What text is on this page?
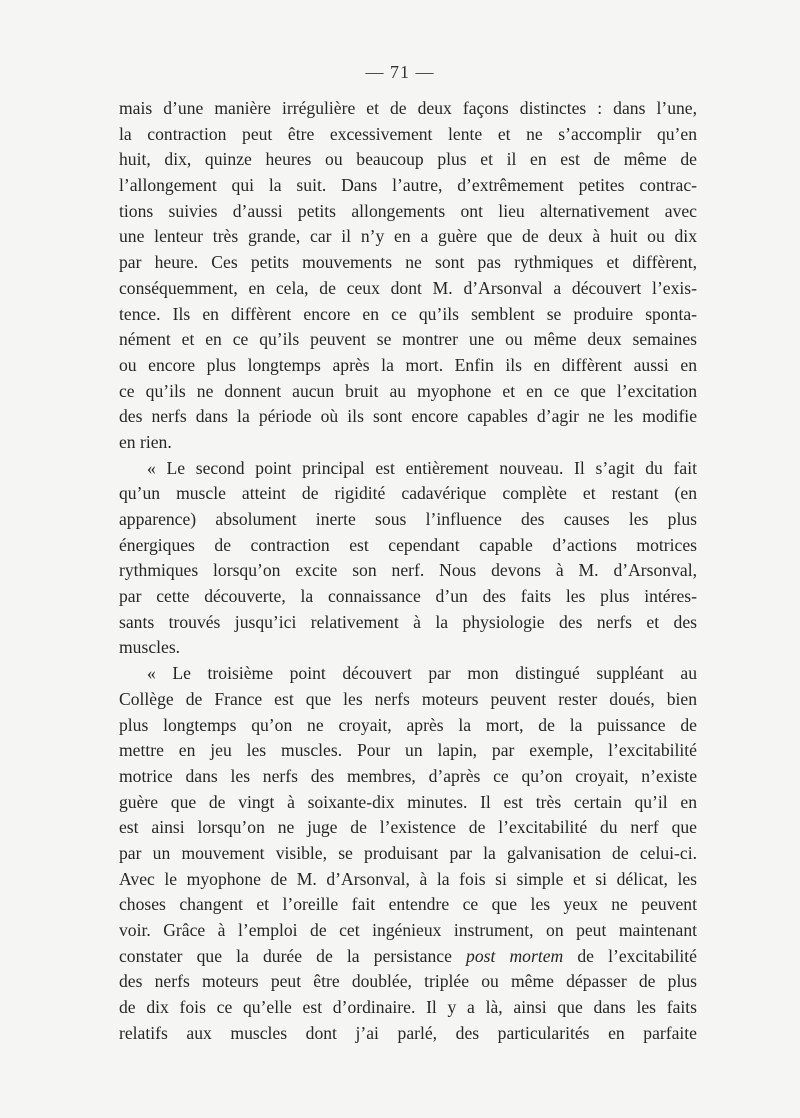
— 71 —
mais d’une manière irrégulière et de deux façons distinctes : dans l’une,
la contraction peut être excessivement lente et ne s’accomplir qu’en
huit, dix, quinze heures ou beaucoup plus et il en est de même de
l’allongement qui la suit. Dans l’autre, d’extrêmement petites contrac-
tions suivies d’aussi petits allongements ont lieu alternativement avec
une lenteur très grande, car il n’y en a guère que de deux à huit ou dix
par heure. Ces petits mouvements ne sont pas rythmiques et diffèrent,
conséquemment, en cela, de ceux dont M. d’Arsonval a découvert l’exis-
tence. Ils en diffèrent encore en ce qu’ils semblent se produire sponta-
nément et en ce qu’ils peuvent se montrer une ou même deux semaines
ou encore plus longtemps après la mort. Enfin ils en diffèrent aussi en
ce qu’ils ne donnent aucun bruit au myophone et en ce que l’excitation
des nerfs dans la période où ils sont encore capables d’agir ne les modifie
en rien.
« Le second point principal est entièrement nouveau. Il s’agit du fait
qu’un muscle atteint de rigidité cadavérique complète et restant (en
apparence) absolument inerte sous l’influence des causes les plus
énergiques de contraction est cependant capable d’actions motrices
rythmiques lorsqu’on excite son nerf. Nous devons à M. d’Arsonval,
par cette découverte, la connaissance d’un des faits les plus intéres-
sants trouvés jusqu’ici relativement à la physiologie des nerfs et des
muscles.
« Le troisième point découvert par mon distingué suppléant au
Collège de France est que les nerfs moteurs peuvent rester doués, bien
plus longtemps qu’on ne croyait, après la mort, de la puissance de
mettre en jeu les muscles. Pour un lapin, par exemple, l’excitabilité
motrice dans les nerfs des membres, d’après ce qu’on croyait, n’existe
guère que de vingt à soixante-dix minutes. Il est très certain qu’il en
est ainsi lorsqu’on ne juge de l’existence de l’excitabilité du nerf que
par un mouvement visible, se produisant par la galvanisation de celui-ci.
Avec le myophone de M. d’Arsonval, à la fois si simple et si délicat, les
choses changent et l’oreille fait entendre ce que les yeux ne peuvent
voir. Grâce à l’emploi de cet ingénieux instrument, on peut maintenant
constater que la durée de la persistance post mortem de l’excitabilité
des nerfs moteurs peut être doublée, triplée ou même dépasser de plus
de dix fois ce qu’elle est d’ordinaire. Il y a là, ainsi que dans les faits
relatifs aux muscles dont j’ai parlé, des particularités en parfaite
